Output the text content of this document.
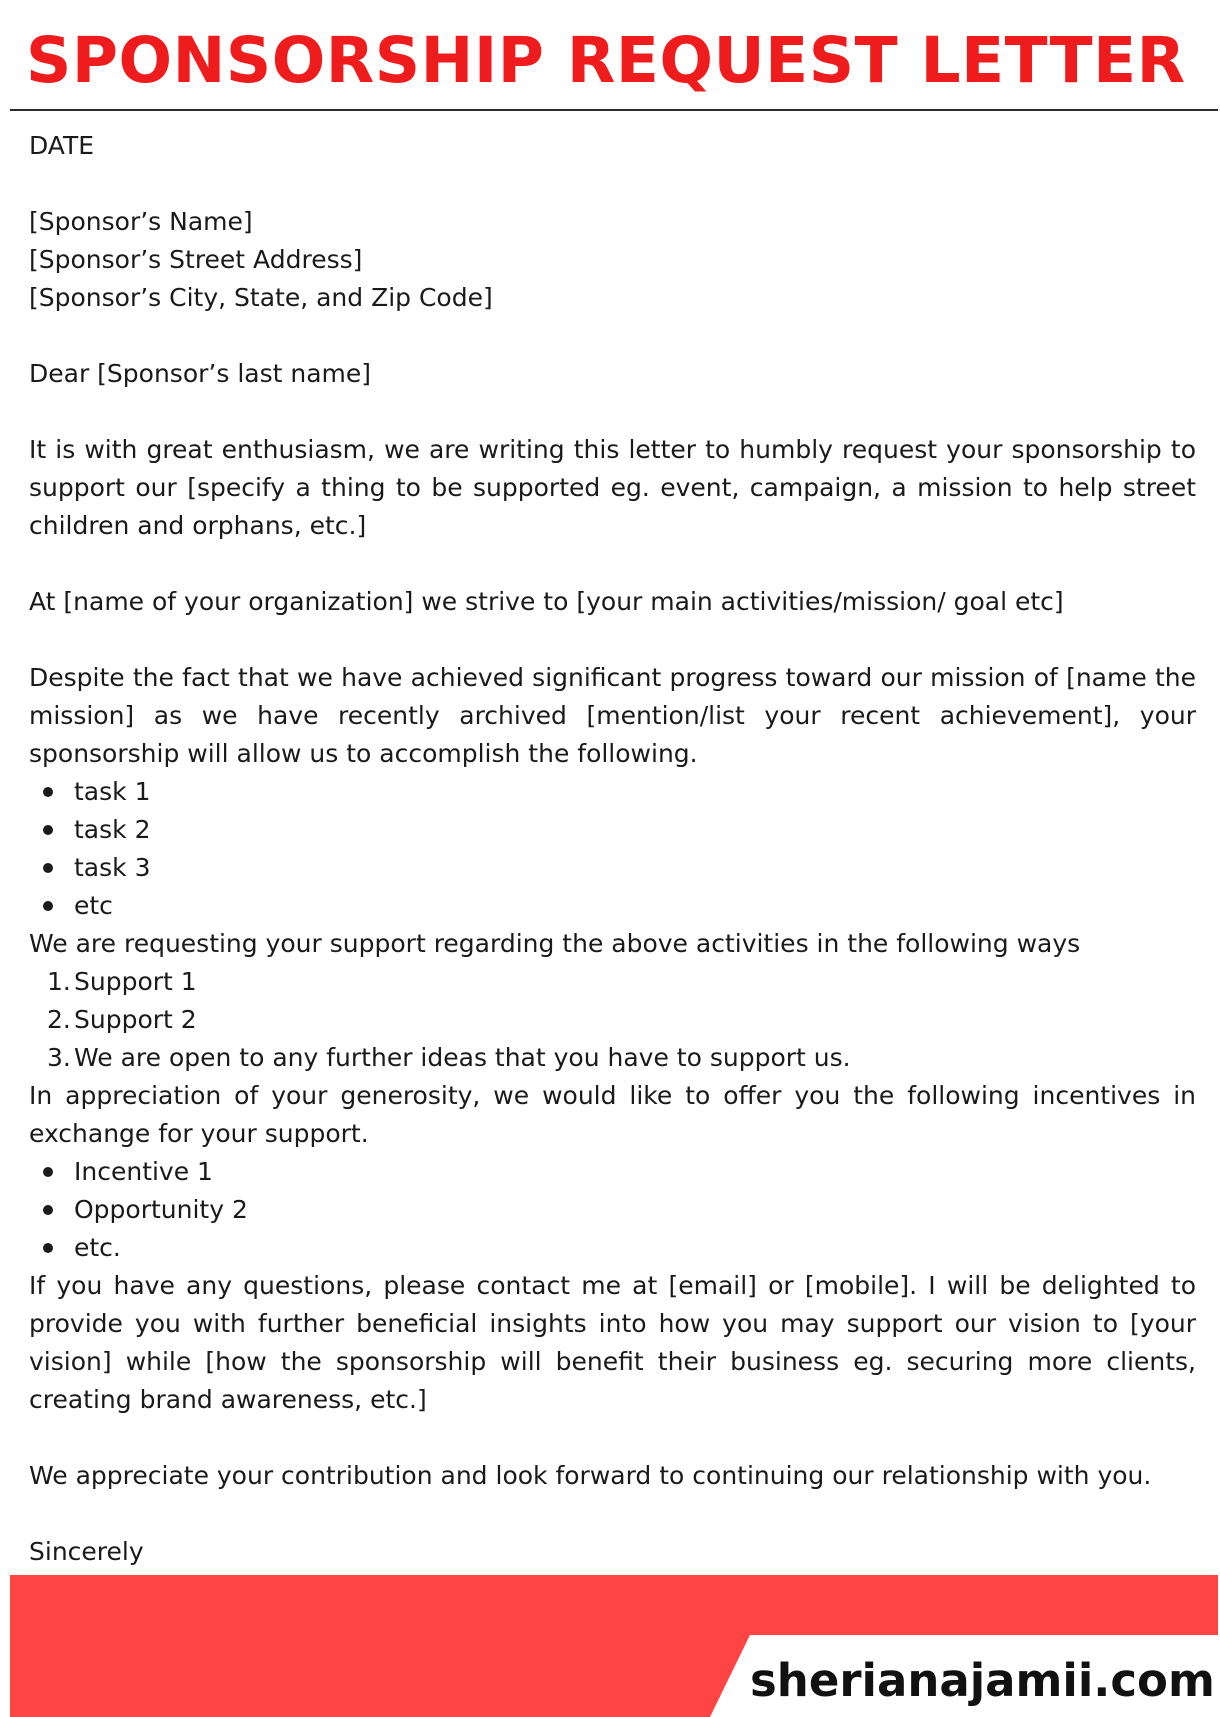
SPONSORSHIP REQUEST LETTER

DATE

[Sponsor’s Name]

[Sponsor’s Street Address]

[Sponsor’s City, State, and Zip Code]

Dear [Sponsor’s last name]

It is with great enthusiasm, we are writing this letter to humbly request your sponsorship to support our [specify a thing to be supported eg. event, campaign, a mission to help street children and orphans, etc.]

At [name of your organization] we strive to [your main activities/mission/ goal etc]

Despite the fact that we have achieved significant progress toward our mission of [name the mission] as we have recently archived [mention/list your recent achievement], your sponsorship will allow us to accomplish the following.

task 1
task 2
task 3
etc

We are requesting your support regarding the above activities in the following ways

1. Support 1
2. Support 2
3. We are open to any further ideas that you have to support us.

In appreciation of your generosity, we would like to offer you the following incentives in exchange for your support.

Incentive 1
Opportunity 2
etc.

If you have any questions, please contact me at [email] or [mobile]. I will be delighted to provide you with further beneficial insights into how you may support our vision to [your vision] while [how the sponsorship will benefit their business eg. securing more clients, creating brand awareness, etc.]

We appreciate your contribution and look forward to continuing our relationship with you.

Sincerely

sherianajamii.com
